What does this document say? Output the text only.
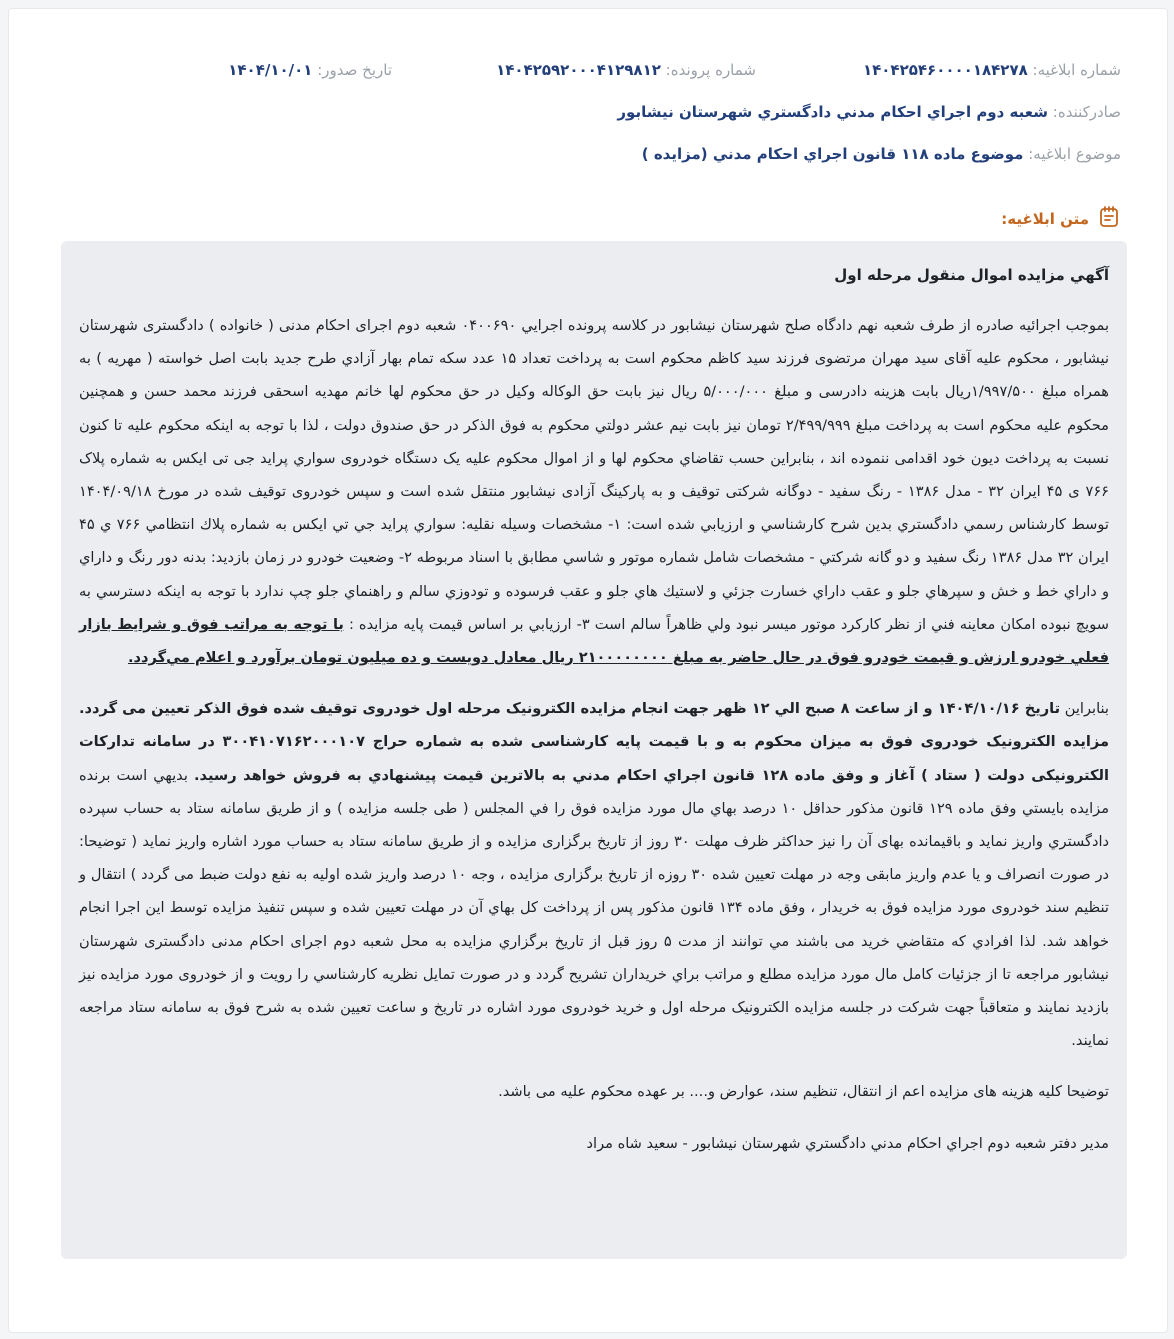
شماره ابلاغیه: ۱۴۰۴۲۵۴۶۰۰۰۰۱۸۴۲۷۸
شماره پرونده: ۱۴۰۴۲۵۹۲۰۰۰۴۱۲۹۸۱۲
تاریخ صدور: ۱۴۰۴/۱۰/۰۱
صادرکننده: شعبه دوم اجراي احکام مدني دادگستري شهرستان نيشابور
موضوع ابلاغیه: موضوع ماده ۱۱۸ قانون اجراي احکام مدني (مزايده )
متن ابلاغیه:
آگهي مزايده اموال منقول مرحله اول

بموجب اجرائيه صادره از طرف شعبه نهم دادگاه صلح شهرستان نيشابور در کلاسه پرونده اجرايي ۰۴۰۰۶۹۰ شعبه دوم اجرای احکام مدنی ( خانواده ) دادگستری شهرستان نیشابور ، محکوم علیه آقای سید مهران مرتضوی فرزند سید کاظم محکوم است به پرداخت تعداد ۱۵ عدد سکه تمام بهار آزادي طرح جديد بابت اصل خواسته ( مهریه ) به همراه مبلغ ۱/۹۹۷/۵۰۰ریال بابت هزینه دادرسی و مبلغ ۵/۰۰۰/۰۰۰ ريال نيز بابت حق الوکاله وکيل در حق محکوم لها خانم مهديه اسحقی فرزند محمد حسن و همچنین محکوم عليه محکوم است به پرداخت مبلغ ۲/۴۹۹/۹۹۹ تومان نيز بابت نيم عشر دولتي محکوم به فوق الذکر در حق صندوق دولت ، لذا با توجه به اينکه محکوم عليه تا کنون نسبت به پرداخت ديون خود اقدامی ننموده اند ، بنابراين حسب تقاضاي محکوم لها و از اموال محکوم عليه یک دستگاه خودروی سواري پراید جی تی ایکس به شماره پلاک ۷۶۶ ی ۴۵ ایران ۳۲ - مدل ۱۳۸۶ - رنگ سفید - دوگانه شرکتی توقیف و به پارکینگ آزادی نيشابور منتقل شده است و سپس خودروی توقیف شده در مورخ ۱۴۰۴/۰۹/۱۸ توسط کارشناس رسمي دادگستري بدين شرح کارشناسي و ارزيابي شده است: ۱- مشخصات وسيله نقليه: سواري پرايد جي تي ايکس به شماره پلاك انتظامي ۷۶۶ ي ۴۵ ايران ۳۲ مدل ۱۳۸۶ رنگ سفيد و دو گانه شرکتي - مشخصات شامل شماره موتور و شاسي مطابق با اسناد مربوطه ۲- وضعيت خودرو در زمان بازديد: بدنه دور رنگ و داراي و داراي خط و خش و سپرهاي جلو و عقب داراي خسارت جزئي و لاستيك هاي جلو و عقب فرسوده و تودوزي سالم و راهنماي جلو چپ ندارد با توجه به اينكه دسترسي به سويچ نبوده امكان معاينه فني از نظر كاركرد موتور ميسر نبود ولي ظاهراً سالم است ۳- ارزيابي بر اساس قيمت پايه مزايده : با توجه به مراتب فوق و شرايط بازار فعلي خودرو ارزش و قيمت خودرو فوق در حال حاضر به مبلغ ۲۱۰۰۰۰۰۰۰۰ ريال معادل دويست و ده ميليون تومان برآورد و اعلام مي‌گردد.

بنابراین تاريخ ۱۴۰۴/۱۰/۱۶ و از ساعت ۸ صبح الي ۱۲ ظهر جهت انجام مزايده الکترونيک مرحله اول خودروی توقیف شده فوق الذکر تعيين می گردد. مزایده الکترونیک خودروی فوق به میزان محکوم به و با قیمت پایه کارشناسی شده به شماره حراج ۳۰۰۴۱۰۷۱۶۲۰۰۰۱۰۷ در سامانه تدارکات الکترونیکی دولت ( ستاد ) آغاز و وفق ماده ۱۲۸ قانون اجراي احکام مدني به بالاترين قيمت پيشنهادي به فروش خواهد رسيد. بديهي است برنده مزايده بايستي وفق ماده ۱۲۹ قانون مذکور حداقل ۱۰ درصد بهاي مال مورد مزايده فوق را في المجلس ( طی جلسه مزایده ) و از طریق سامانه ستاد به حساب سپرده دادگستري واريز نمايد و باقيمانده بهای آن را نيز حداکثر ظرف مهلت ۳۰ روز از تاریخ برگزاری مزایده و از طریق سامانه ستاد به حساب مورد اشاره واریز نماید ( توضیحا: در صورت انصراف و یا عدم واریز مابقی وجه در مهلت تعیین شده ۳۰ روزه از تاریخ برگزاری مزایده ، وجه ۱۰ درصد واریز شده اولیه به نفع دولت ضبط می گردد ) انتقال و تنظیم سند خودروی مورد مزایده فوق به خریدار ، وفق ماده ۱۳۴ قانون مذکور پس از پرداخت کل بهاي آن در مهلت تعيين شده و سپس تنفيذ مزايده توسط اين اجرا انجام خواهد شد. لذا افرادي كه متقاضي خريد می باشند مي توانند از مدت ۵ روز قبل از تاريخ برگزاري مزايده به محل شعبه دوم اجرای احکام مدنی دادگستری شهرستان نیشابور مراجعه تا از جزئيات کامل مال مورد مزايده مطلع و مراتب براي خريداران تشريح گردد و در صورت تمايل نظريه کارشناسي را رويت و از خودروی مورد مزايده نيز بازديد نمايند و متعاقباً جهت شرکت در جلسه مزایده الکترونیک مرحله اول و خرید خودروی مورد اشاره در تاریخ و ساعت تعیین شده به شرح فوق به سامانه ستاد مراجعه نمایند.

توضیحا کلیه هزینه های مزایده اعم از انتقال، تنظیم سند، عوارض و.... بر عهده محکوم علیه می باشد.

مدير دفتر شعبه دوم اجراي احکام مدني دادگستري شهرستان نيشابور - سعيد شاه مراد
